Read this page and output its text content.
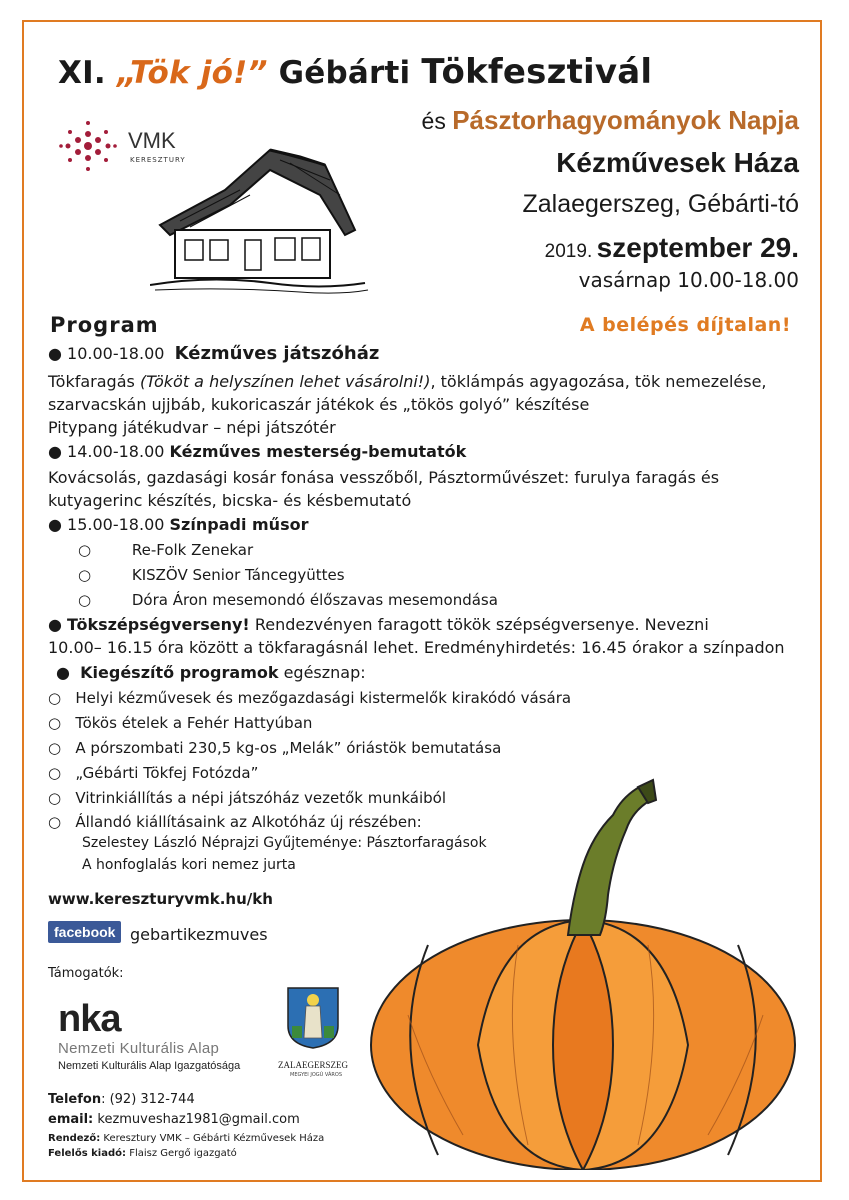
XI. „Tök jó!” Gébárti Tökfesztivál
és Pásztorhagyományok Napja
Kézművesek Háza
Zalaegerszeg, Gébárti-tó
2019. szeptember 29.
vasárnap 10.00-18.00
VMK
KERESZTURY
Program	A belépés díjtalan!
● 10.00-18.00 Kézműves játszóház
Tökfaragás (Tököt a helyszínen lehet vásárolni!), töklámpás agyagozása, tök nemezelése,
szarvacskán ujjbáb, kukoricaszár játékok és „tökös golyó” készítése
Pitypang játékudvar – népi játszótér
● 14.00-18.00 Kézműves mesterség-bemutatók
Kovácsolás, gazdasági kosár fonása vesszőből, Pásztorművészet: furulya faragás és
kutyagerinc készítés, bicska- és késbemutató
● 15.00-18.00 Színpadi műsor
○ Re-Folk Zenekar
○ KISZÖV Senior Táncegyüttes
○ Dóra Áron mesemondó élőszavas mesemondása
● Tökszépségverseny! Rendezvényen faragott tökök szépségversenye. Nevezni
10.00– 16.15 óra között a tökfaragásnál lehet. Eredményhirdetés: 16.45 órakor a színpadon
●  Kiegészítő programok egésznap:
○   Helyi kézművesek és mezőgazdasági kistermelők kirakódó vására
○   Tökös ételek a Fehér Hattyúban
○   A pórszombati 230,5 kg-os „Melák” óriástök bemutatása
○   „Gébárti Tökfej Fotózda”
○   Vitrinkiállítás a népi játszóház vezetők munkáiból
○   Állandó kiállításaink az Alkotóház új részében:
Szelestey László Néprajzi Gyűjteménye: Pásztorfaragások
A honfoglalás kori nemez jurta
www.kereszturyvmk.hu/kh
facebook gebartikezmuves
Támogatók:
nka
Nemzeti Kulturális Alap
Nemzeti Kulturális Alap Igazgatósága	ZALAEGERSZEG
MEGYEI JOGÚ VÁROS
Telefon: (92) 312-744
email: kezmuveshaz1981@gmail.com
Rendező: Keresztury VMK – Gébárti Kézművesek Háza
Felelős kiadó: Flaisz Gergő igazgató
